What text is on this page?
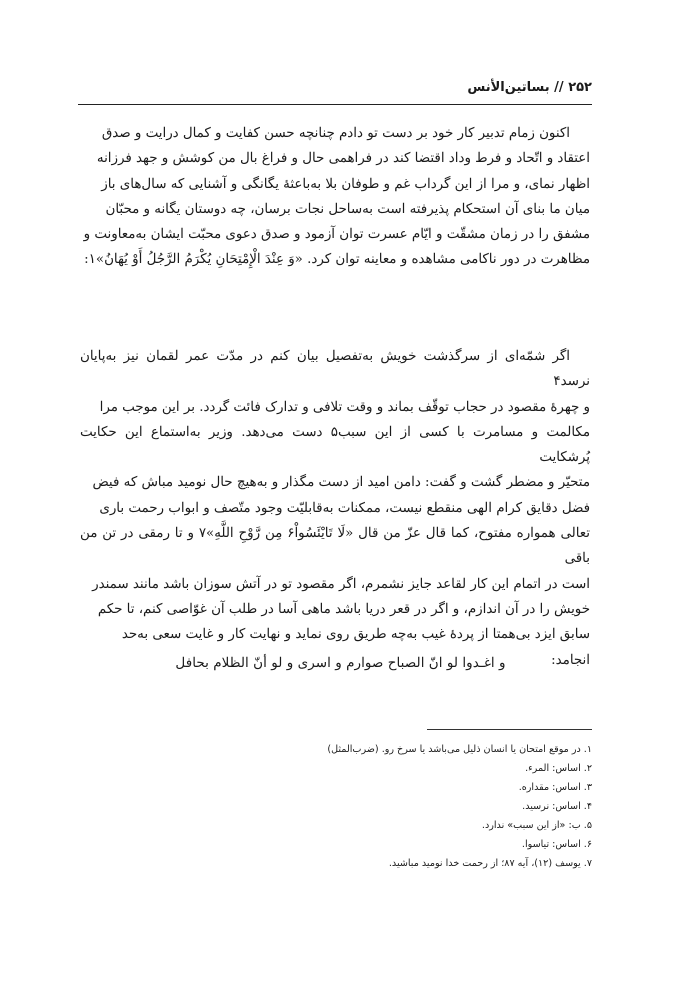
۲۵۲ // بساتین‌الأنس
اکنون زمام تدبیر کار خود بر دست تو دادم چنانچه حسن کفایت و کمال درایت و صدق
اعتقاد و اتّحاد و فرط وداد اقتضا کند در فراهمی حال و فراغ بال من کوشش و جهد فرزانه
اظهار نمای، و مرا از این گرداب غم و طوفان بلا به‌باعثهٔ یگانگی و آشنایی که سال‌های باز
میان ما بنای آن استحکام پذیرفته است به‌ساحل نجات برسان، چه دوستان یگانه و محبّان
مشفق را در زمان مشقّت و ایّام عسرت توان آزمود و صدق دعوی محبّت ایشان به‌معاونت و
مظاهرت در دور ناکامی مشاهده و معاینه توان کرد. «وَ عِنْدَ الْإِمْتِحَانِ يُكْرَمُ الرَّجُلُ أَوْ يُهَانُ»۱:
اگر شمّه‌ای از سرگذشت خویش به‌تفصیل بیان کنم در مدّت عمر لقمان نیز به‌پایان نرسد۴
و چهرهٔ مقصود در حجاب توقّف بماند و وقت تلافی و تدارک فائت گردد. بر این موجب مرا
مکالمت و مسامرت با کسی از این سبب۵ دست می‌دهد. وزیر به‌استماع این حکایت پُرشکایت
متحیّر و مضطر گشت و گفت: دامن امید از دست مگذار و به‌هیچ حال نومید مباش که فیض
فضل دقایق کرام الهی منقطع نیست، ممکنات به‌قابلیّت وجود متّصف و ابواب رحمت باری
تعالی همواره مفتوح، کما قال عزّ من قال «لَا تَايْئَسُواْ۶ مِن رَّوْحِ اللَّهِ»۷ و تا رمقی در تن من باقی
است در اتمام این کار لقاعد جایز نشمرم، اگر مقصود تو در آتش سوزان باشد مانند سمندر
خویش را در آن اندازم، و اگر در قعر دریا باشد ماهی آسا در طلب آن غوّاصی کنم، تا حکم
سابق ایزد بی‌همتا از پردهٔ غیب به‌چه طریق روی نماید و نهایت کار و غایت سعی به‌حد
انجامد:
و اغـدوا لو انّ الصباح صوارم و اسری و لو أنّ الظلام بحافل
۱. در موقع امتحان یا انسان ذلیل می‌باشد یا سرخ رو. (ضرب‌المثل)
۲. اساس: المرء.
۳. اساس: مقداره.
۴. اساس: نرسید.
۵. ب: «از این سبب» ندارد.
۶. اساس: تیاسوا.
۷. یوسف (۱۲)، آیه ۸۷؛ از رحمت خدا نومید مباشید.
